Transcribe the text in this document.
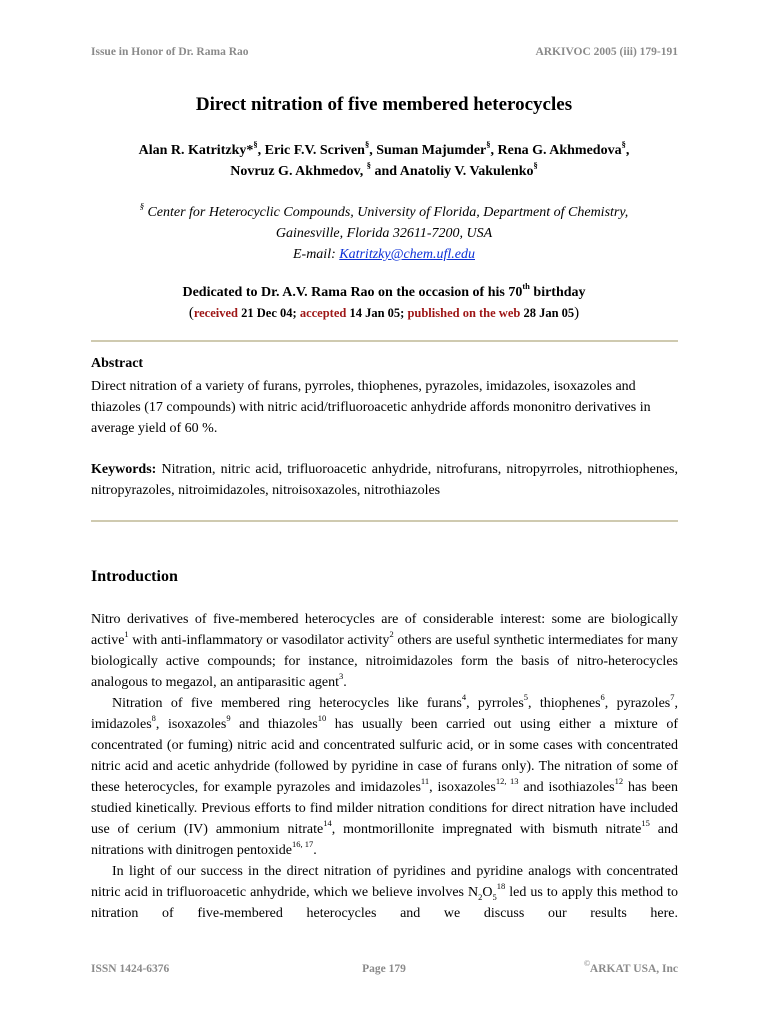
Issue in Honor of Dr. Rama Rao	ARKIVOC 2005 (iii) 179-191
Direct nitration of five membered heterocycles
Alan R. Katritzky*§, Eric F.V. Scriven§, Suman Majumder§, Rena G. Akhmedova§,
Novruz G. Akhmedov, § and Anatoliy V. Vakulenko§
§ Center for Heterocyclic Compounds, University of Florida, Department of Chemistry,
Gainesville, Florida 32611-7200, USA
E-mail: Katritzky@chem.ufl.edu
Dedicated to Dr. A.V. Rama Rao on the occasion of his 70th birthday
(received 21 Dec 04; accepted 14 Jan 05; published on the web 28 Jan 05)
Abstract
Direct nitration of a variety of furans, pyrroles, thiophenes, pyrazoles, imidazoles, isoxazoles and thiazoles (17 compounds) with nitric acid/trifluoroacetic anhydride affords mononitro derivatives in average yield of 60 %.
Keywords: Nitration, nitric acid, trifluoroacetic anhydride, nitrofurans, nitropyrroles, nitrothiophenes, nitropyrazoles, nitroimidazoles, nitroisoxazoles, nitrothiazoles
Introduction

Nitro derivatives of five-membered heterocycles are of considerable interest: some are biologically active$^1$ with anti-inflammatory or vasodilator activity$^2$ others are useful synthetic intermediates for many biologically active compounds; for instance, nitroimidazoles form the basis of nitro-heterocycles analogous to megazol, an antiparasitic agent$^3$.

Nitration of five membered ring heterocycles like furans$^4$, pyrroles$^5$, thiophenes$^6$, pyrazoles$^7$, imidazoles$^8$, isoxazoles$^9$ and thiazoles$^{10}$ has usually been carried out using either a mixture of concentrated (or fuming) nitric acid and concentrated sulfuric acid, or in some cases with concentrated nitric acid and acetic anhydride (followed by pyridine in case of furans only). The nitration of some of these heterocycles, for example pyrazoles and imidazoles$^{11}$, isoxazoles$^{12, 13}$ and isothiazoles$^{12}$ has been studied kinetically. Previous efforts to find milder nitration conditions for direct nitration have included use of cerium (IV) ammonium nitrate$^{14}$, montmorillonite impregnated with bismuth nitrate$^{15}$ and nitrations with dinitrogen pentoxide$^{16, 17}$.

In light of our success in the direct nitration of pyridines and pyridine analogs with concentrated nitric acid in trifluoroacetic anhydride, which we believe involves $N_2O_5^{18}$ led us to apply this method to nitration of five-membered heterocycles and we discuss our results here.

ISSN 1424-6376	Page 179	©ARKAT USA, Inc
